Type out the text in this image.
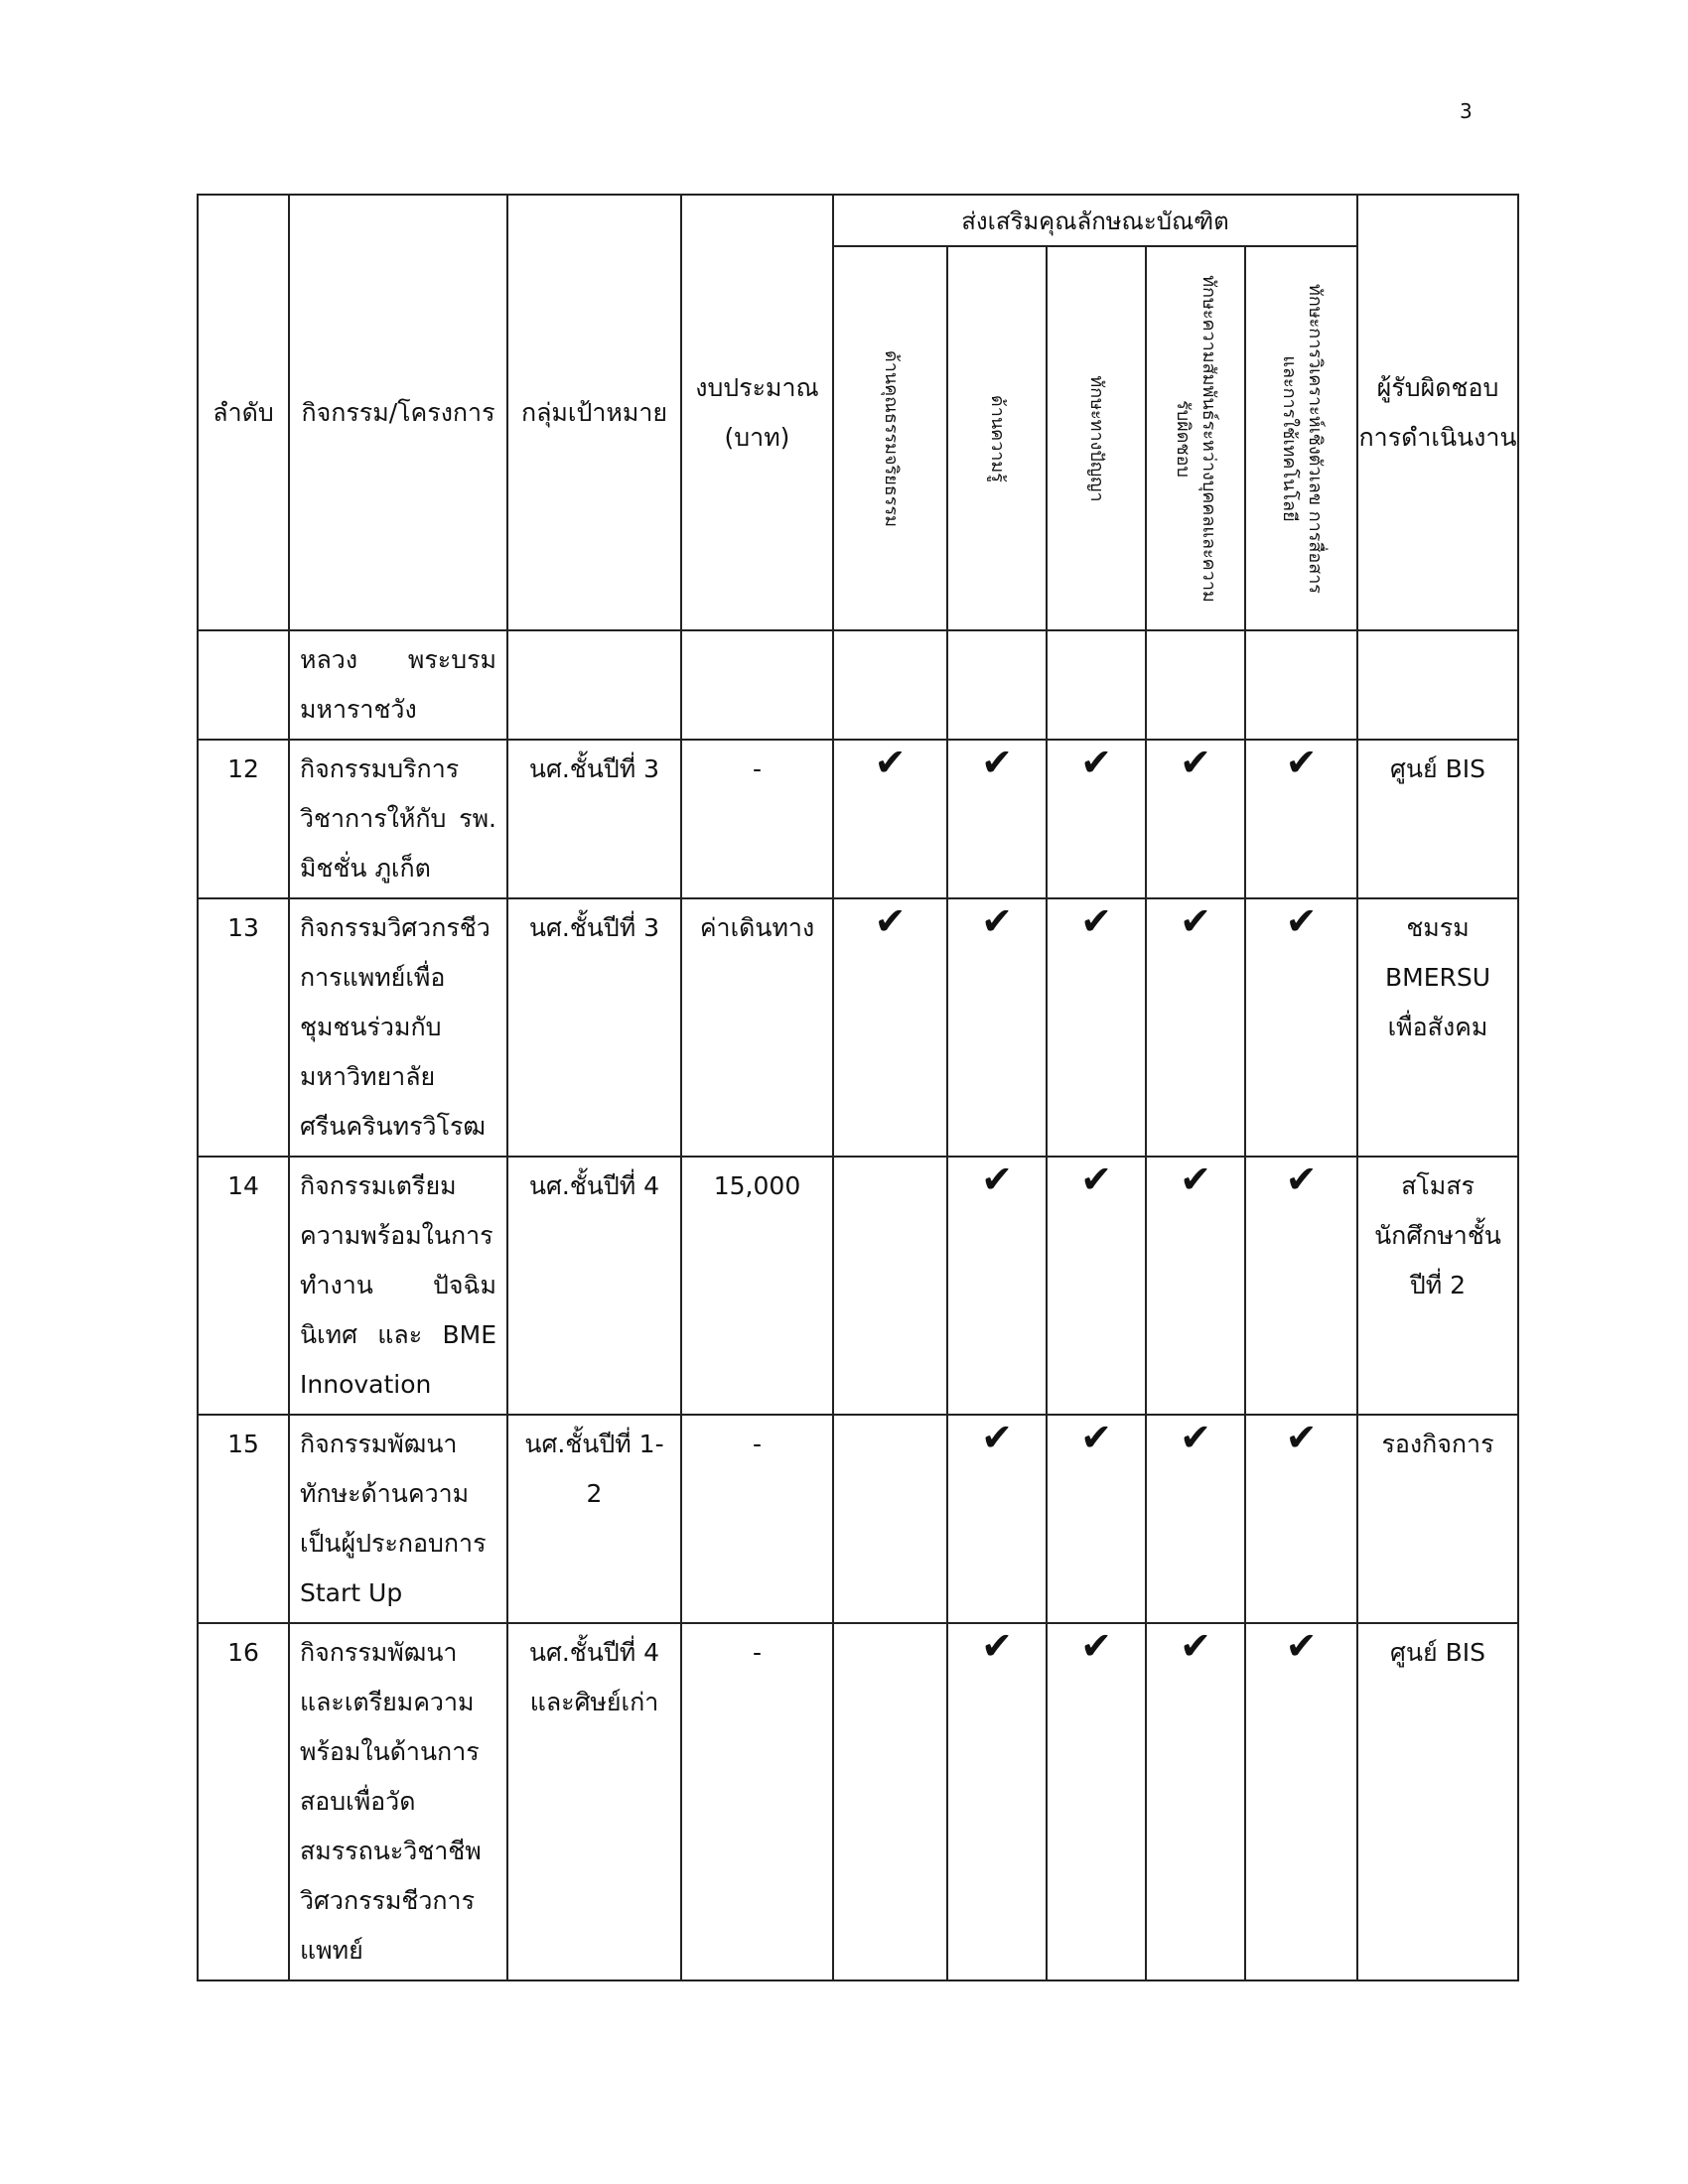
3
ลำดับ	กิจกรรม/โครงการ	กลุ่มเป้าหมาย	งบประมาณ (บาท)	ส่งเสริมคุณลักษณะบัณฑิต					ผู้รับผิดชอบการดำเนินงาน

				ด้านคุณธรรมจริยธรรม	ด้านความรู้	ทักษะทางปัญญา	ทักษะความสัมพันธ์ระหว่างบุคคลและความรับผิดชอบ	ทักษะการวิเคราะห์เชิงตัวเลข การสื่อสารและการใช้เทคโนโลยี	

	หลวง พระบรมมหาราชวัง								
12	กิจกรรมบริการวิชาการให้กับ รพ. มิชชั่น ภูเก็ต	นศ.ชั้นปีที่ 3	-	✔	✔	✔	✔	✔	ศูนย์ BIS
13	กิจกรรมวิศวกรชีวการแพทย์เพื่อชุมชนร่วมกับมหาวิทยาลัยศรีนครินทรวิโรฒ	นศ.ชั้นปีที่ 3	ค่าเดินทาง	✔	✔	✔	✔	✔	ชมรม BMERSU เพื่อสังคม
14	กิจกรรมเตรียมความพร้อมในการทำงาน ปัจฉิมนิเทศ และ BME Innovation	นศ.ชั้นปีที่ 4	15,000		✔	✔	✔	✔	สโมสรนักศึกษาชั้นปีที่ 2
15	กิจกรรมพัฒนาทักษะด้านความเป็นผู้ประกอบการ Start Up	นศ.ชั้นปีที่ 1-2	-		✔	✔	✔	✔	รองกิจการ
16	กิจกรรมพัฒนาและเตรียมความพร้อมในด้านการสอบเพื่อวัดสมรรถนะวิชาชีพวิศวกรรมชีวการแพทย์	นศ.ชั้นปีที่ 4 และศิษย์เก่า	-		✔	✔	✔	✔	ศูนย์ BIS
